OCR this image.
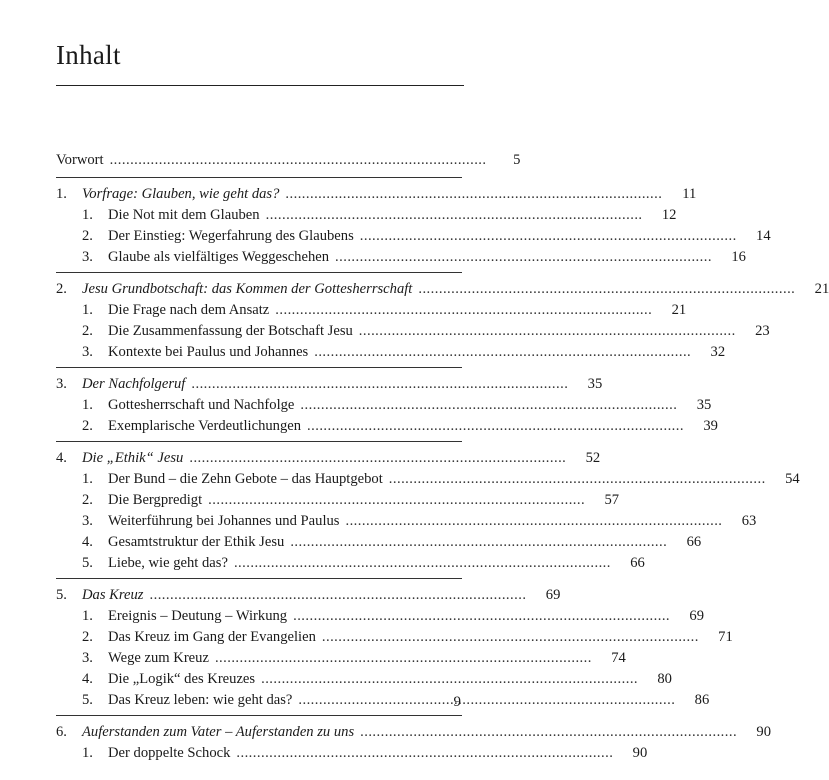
Inhalt
Vorwort . . .	5
1.	Vorfrage: Glauben, wie geht das? . . .	11
1.	Die Not mit dem Glauben . . .	12
2.	Der Einstieg: Wegerfahrung des Glaubens . . .	14
3.	Glaube als vielfältiges Weggeschehen . . .	16
2.	Jesu Grundbotschaft: das Kommen der Gottesherrschaft . . .	21
1.	Die Frage nach dem Ansatz . . .	21
2.	Die Zusammenfassung der Botschaft Jesu . . .	23
3.	Kontexte bei Paulus und Johannes . . .	32
3.	Der Nachfolgeruf . . .	35
1.	Gottesherrschaft und Nachfolge . . .	35
2.	Exemplarische Verdeutlichungen . . .	39
4.	Die „Ethik“ Jesu . . .	52
1.	Der Bund – die Zehn Gebote – das Hauptgebot . . .	54
2.	Die Bergpredigt . . .	57
3.	Weiterführung bei Johannes und Paulus . . .	63
4.	Gesamtstruktur der Ethik Jesu . . .	66
5.	Liebe, wie geht das? . . .	66
5.	Das Kreuz . . .	69
1.	Ereignis – Deutung – Wirkung . . .	69
2.	Das Kreuz im Gang der Evangelien . . .	71
3.	Wege zum Kreuz . . .	74
4.	Die „Logik“ des Kreuzes . . .	80
5.	Das Kreuz leben: wie geht das? . . .	86
6.	Auferstanden zum Vater – Auferstanden zu uns . . .	90
1.	Der doppelte Schock . . .	90
9
